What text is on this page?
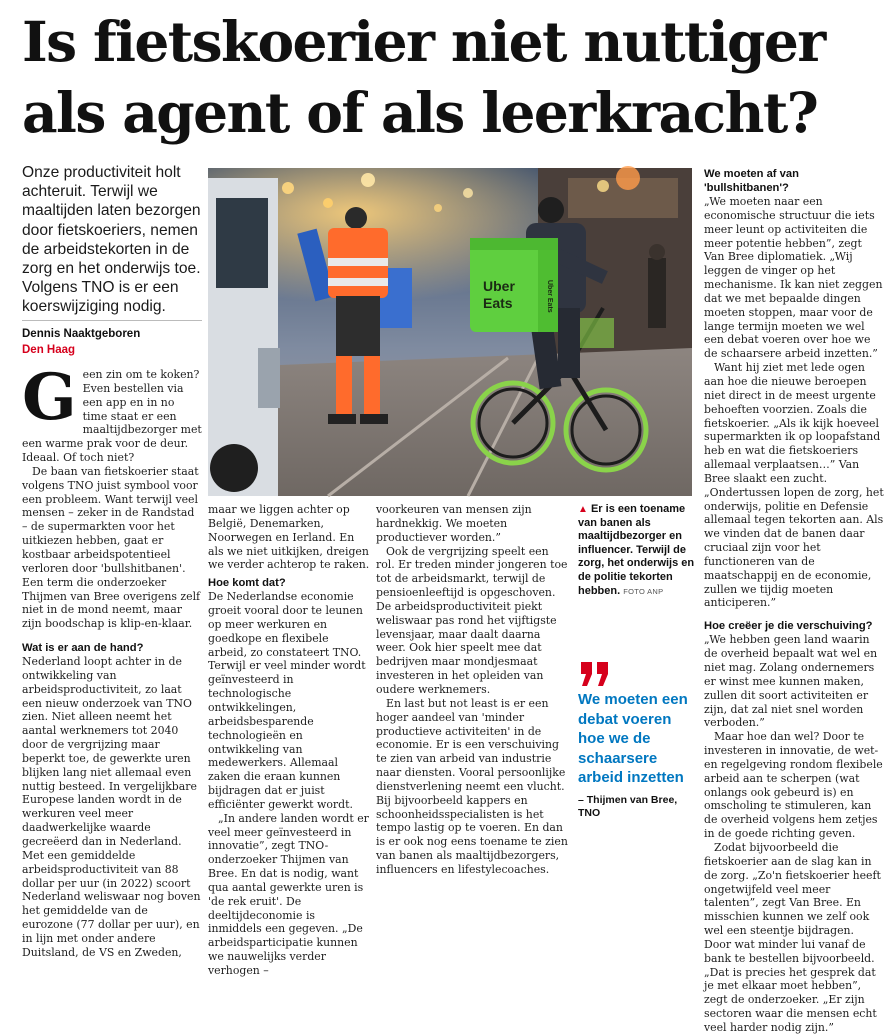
Is fietskoerier niet nuttiger
als agent of als leerkracht?

Onze productiviteit holt achteruit. Terwijl we maaltijden laten bezorgen door fietskoeriers, nemen de arbeidstekorten in de zorg en het onderwijs toe. Volgens TNO is er een koerswijziging nodig.

Dennis Naaktgeboren
Den Haag
G een zin om te koken? Even bestellen via een app en in no time staat er een maaltijdbezorger met een warme prak voor de deur. Ideaal. Of toch niet?

De baan van fietskoerier staat volgens TNO juist symbool voor een probleem. Want terwijl veel mensen – zeker in de Randstad – de supermarkten voor het uitkiezen hebben, gaat er kostbaar arbeidspotentieel verloren door 'bullshitbanen'. Een term die onderzoeker Thijmen van Bree overigens zelf niet in de mond neemt, maar zijn boodschap is klip-en-klaar.

Wat is er aan de hand?

Nederland loopt achter in de ontwikkeling van arbeidsproductiviteit, zo laat een nieuw onderzoek van TNO zien. Niet alleen neemt het aantal werknemers tot 2040 door de vergrijzing maar beperkt toe, de gewerkte uren blijken lang niet allemaal even nuttig besteed. In vergelijkbare Europese landen wordt in de werkuren veel meer daadwerkelijke waarde gecreëerd dan in Nederland. Met een gemiddelde arbeidsproductiviteit van 88 dollar per uur (in 2022) scoort Nederland weliswaar nog boven het gemiddelde van de eurozone (77 dollar per uur), en in lijn met onder andere Duitsland, de VS en Zweden,

Uber
Eats	Uber Eats

maar we liggen achter op België, Denemarken, Noorwegen en Ierland. En als we niet uitkijken, dreigen we verder achterop te raken.

Hoe komt dat?

De Nederlandse economie groeit vooral door te leunen op meer werkuren en goedkope en flexibele arbeid, zo constateert TNO. Terwijl er veel minder wordt geïnvesteerd in technologische ontwikkelingen, arbeidsbesparende technologieën en ontwikkeling van medewerkers. Allemaal zaken die eraan kunnen bijdragen dat er juist efficiënter gewerkt wordt.

„In andere landen wordt er veel meer geïnvesteerd in innovatie”, zegt TNO-onderzoeker Thijmen van Bree. En dat is nodig, want qua aantal gewerkte uren is 'de rek eruit'. De deeltijdeconomie is inmiddels een gegeven. „De arbeidsparticipatie kunnen we nauwelijks verder verhogen –

voorkeuren van mensen zijn hardnekkig. We moeten productiever worden.”

Ook de vergrijzing speelt een rol. Er treden minder jongeren toe tot de arbeidsmarkt, terwijl de pensioenleeftijd is opgeschoven. De arbeidsproductiviteit piekt weliswaar pas rond het vijftigste levensjaar, maar daalt daarna weer. Ook hier speelt mee dat bedrijven maar mondjesmaat investeren in het opleiden van oudere werknemers.

En last but not least is er een hoger aandeel van 'minder productieve activiteiten' in de economie. Er is een verschuiving te zien van arbeid van industrie naar diensten. Vooral persoonlijke dienstverlening neemt een vlucht. Bij bijvoorbeeld kappers en schoonheidsspecialisten is het tempo lastig op te voeren. En dan is er ook nog eens toename te zien van banen als maaltijdbezorgers, influencers en lifestylecoaches.

▲ Er is een toename van banen als maaltijdbezorger en influencer. Terwijl de zorg, het onderwijs en de politie tekorten hebben. FOTO ANP
We moeten een debat voeren hoe we de schaarsere arbeid inzetten
– Thijmen van Bree, TNO

We moeten af van 'bullshitbanen'?

„We moeten naar een economische structuur die iets meer leunt op activiteiten die meer potentie hebben”, zegt Van Bree diplomatiek. „Wij leggen de vinger op het mechanisme. Ik kan niet zeggen dat we met bepaalde dingen moeten stoppen, maar voor de lange termijn moeten we wel een debat voeren over hoe we de schaarsere arbeid inzetten.”

Want hij ziet met lede ogen aan hoe die nieuwe beroepen niet direct in de meest urgente behoeften voorzien. Zoals die fietskoerier. „Als ik kijk hoeveel supermarkten ik op loopafstand heb en wat die fietskoeriers allemaal verplaatsen…” Van Bree slaakt een zucht. „Ondertussen lopen de zorg, het onderwijs, politie en Defensie allemaal tegen tekorten aan. Als we vinden dat de banen daar cruciaal zijn voor het functioneren van de maatschappij en de economie, zullen we tijdig moeten anticiperen.”

Hoe creëer je die verschuiving?

„We hebben geen land waarin de overheid bepaalt wat wel en niet mag. Zolang ondernemers er winst mee kunnen maken, zullen dit soort activiteiten er zijn, dat zal niet snel worden verboden.”

Maar hoe dan wel? Door te investeren in innovatie, de wet- en regelgeving rondom flexibele arbeid aan te scherpen (wat onlangs ook gebeurd is) en omscholing te stimuleren, kan de overheid volgens hem zetjes in de goede richting geven.

Zodat bijvoorbeeld die fietskoerier aan de slag kan in de zorg. „Zo'n fietskoerier heeft ongetwijfeld veel meer talenten”, zegt Van Bree. En misschien kunnen we zelf ook wel een steentje bijdragen. Door wat minder lui vanaf de bank te bestellen bijvoorbeeld. „Dat is precies het gesprek dat je met elkaar moet hebben”, zegt de onderzoeker. „Er zijn sectoren waar die mensen echt veel harder nodig zijn.”
